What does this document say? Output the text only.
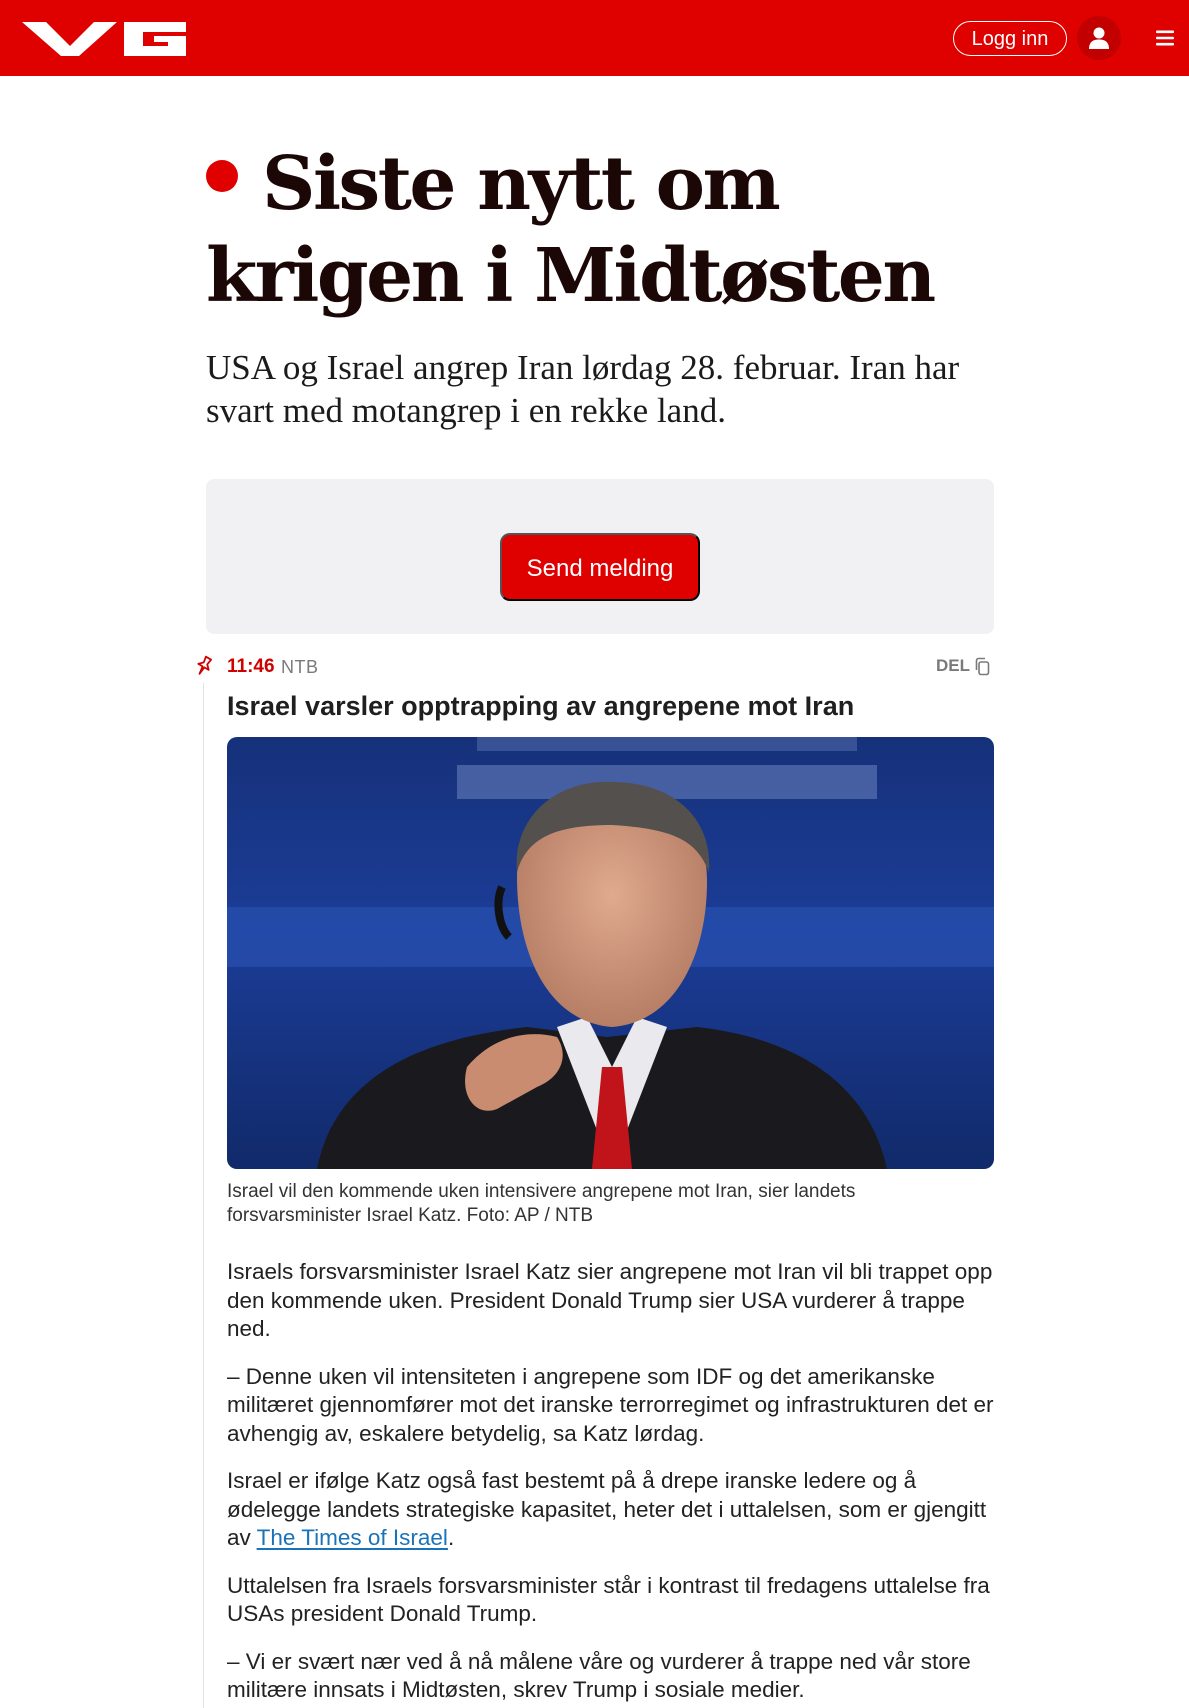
Logg inn
Siste nytt om krigen i Midtøsten

USA og Israel angrep Iran lørdag 28. februar. Iran har svart med motangrep i en rekke land.

Send melding
11:46 NTB	DEL
Israel varsler opptrapping av angrepene mot Iran

Israel vil den kommende uken intensivere angrepene mot Iran, sier landets forsvarsminister Israel Katz. Foto: AP / NTB

Israels forsvarsminister Israel Katz sier angrepene mot Iran vil bli trappet opp den kommende uken. President Donald Trump sier USA vurderer å trappe ned.

– Denne uken vil intensiteten i angrepene som IDF og det amerikanske militæret gjennomfører mot det iranske terrorregimet og infrastrukturen det er avhengig av, eskalere betydelig, sa Katz lørdag.

Israel er ifølge Katz også fast bestemt på å drepe iranske ledere og å ødelegge landets strategiske kapasitet, heter det i uttalelsen, som er gjengitt av The Times of Israel.

Uttalelsen fra Israels forsvarsminister står i kontrast til fredagens uttalelse fra USAs president Donald Trump.

– Vi er svært nær ved å nå målene våre og vurderer å trappe ned vår store militære innsats i Midtøsten, skrev Trump i sosiale medier.
